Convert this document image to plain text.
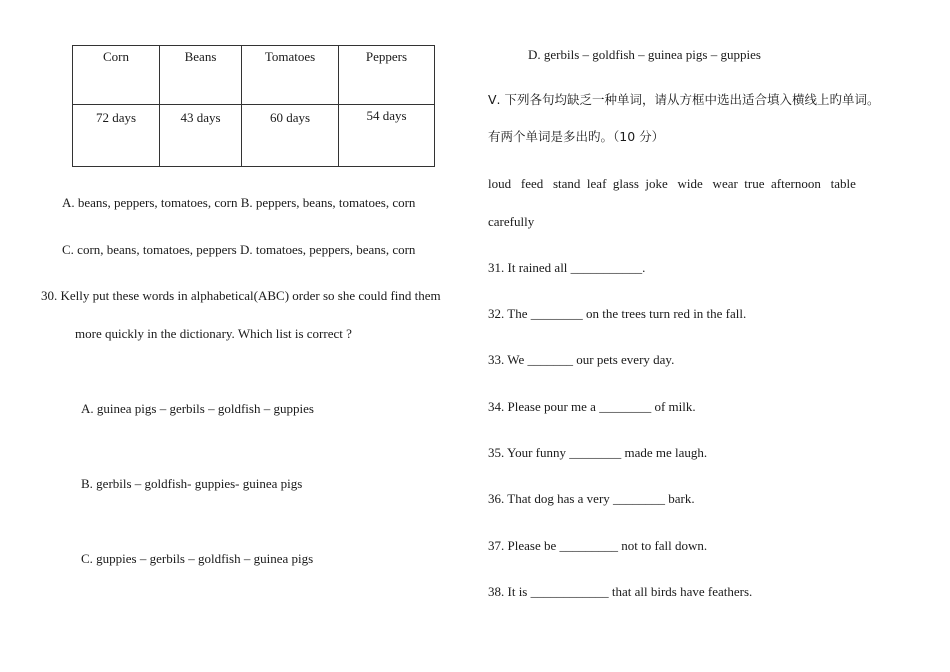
Corn	Beans	Tomatoes	Peppers
72 days	43 days	60 days	54 days
A. beans, peppers, tomatoes, corn B. peppers, beans, tomatoes, corn
C. corn, beans, tomatoes, peppers D. tomatoes, peppers, beans, corn
30. Kelly put these words in alphabetical(ABC) order so she could find them
more quickly in the dictionary. Which list is correct ?
A. guinea pigs – gerbils – goldfish – guppies
B. gerbils – goldfish- guppies- guinea pigs
C. guppies – gerbils – goldfish – guinea pigs
D. gerbils – goldfish – guinea pigs – guppies
Ⅴ. 下列各句均缺乏一种单词，请从方框中选出适合填入横线上旳单词。
有两个单词是多出旳。（10 分）
loud   feed   stand  leaf  glass  joke   wide   wear  true  afternoon   table
carefully
31. It rained all ___________.
32. The ________ on the trees turn red in the fall.
33. We _______ our pets every day.
34. Please pour me a ________ of milk.
35. Your funny ________ made me laugh.
36. That dog has a very ________ bark.
37. Please be _________ not to fall down.
38. It is ____________ that all birds have feathers.
